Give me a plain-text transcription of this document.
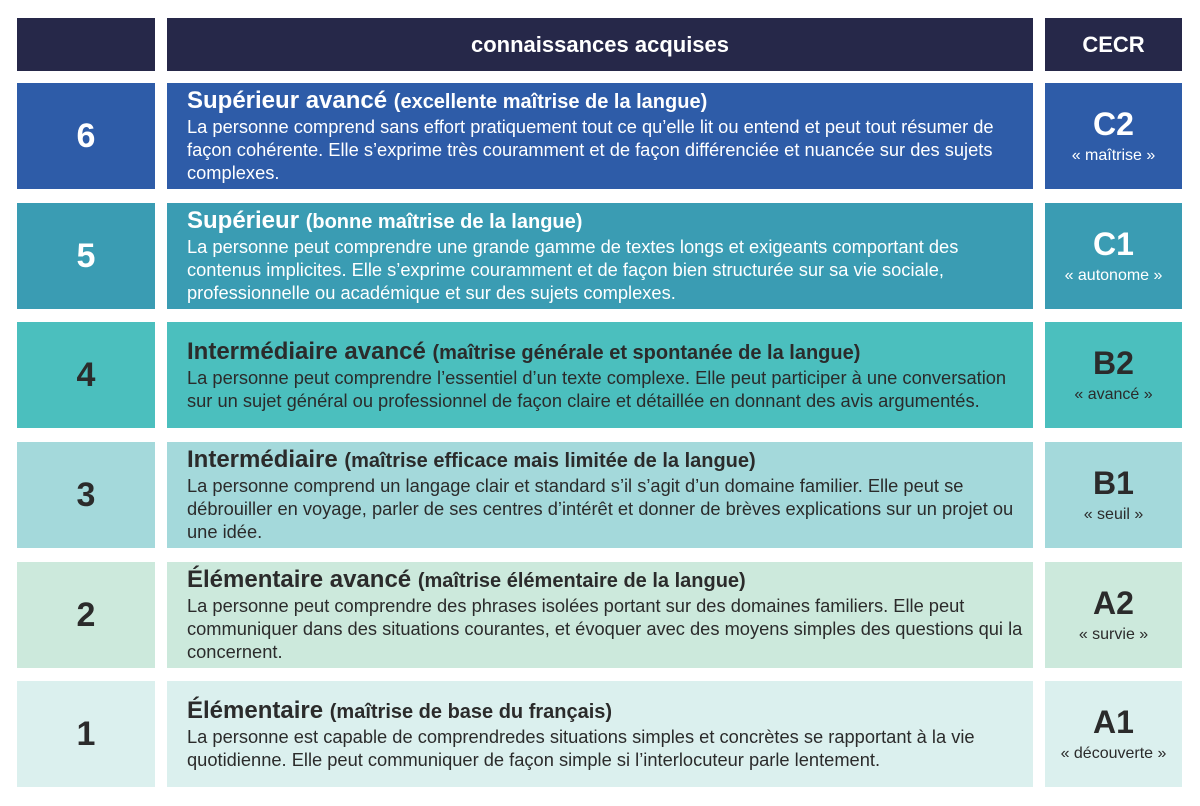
connaissances acquises	CECR
6
Supérieur avancé (excellente maîtrise de la langue)
La personne comprend sans effort pratiquement tout ce qu’elle lit ou entend et peut tout résumer de façon cohérente. Elle s’exprime très couramment et de façon différenciée et nuancée sur des sujets complexes.
C2
« maîtrise »
5
Supérieur (bonne maîtrise de la langue)
La personne peut comprendre une grande gamme de textes longs et exigeants comportant des contenus implicites. Elle s’exprime couramment et de façon bien structurée sur sa vie sociale, professionnelle ou académique et sur des sujets complexes.
C1
« autonome »
4
Intermédiaire avancé (maîtrise générale et spontanée de la langue)
La personne peut comprendre l’essentiel d’un texte complexe. Elle peut participer à une conversation sur un sujet général ou professionnel de façon claire et détaillée en donnant des avis argumentés.
B2
« avancé »
3
Intermédiaire (maîtrise efficace mais limitée de la langue)
La personne comprend un langage clair et standard s’il s’agit d’un domaine familier. Elle peut se débrouiller en voyage, parler de ses centres d’intérêt et donner de brèves explications sur un projet ou une idée.
B1
« seuil »
2
Élémentaire avancé (maîtrise élémentaire de la langue)
La personne peut comprendre des phrases isolées portant sur des domaines familiers. Elle peut communiquer dans des situations courantes, et évoquer avec des moyens simples des questions qui la concernent.
A2
« survie »
1
Élémentaire (maîtrise de base du français)
La personne est capable de comprendredes situations simples et concrètes se rapportant à la vie quotidienne. Elle peut communiquer de façon simple si l’interlocuteur parle lentement.
A1
« découverte »
